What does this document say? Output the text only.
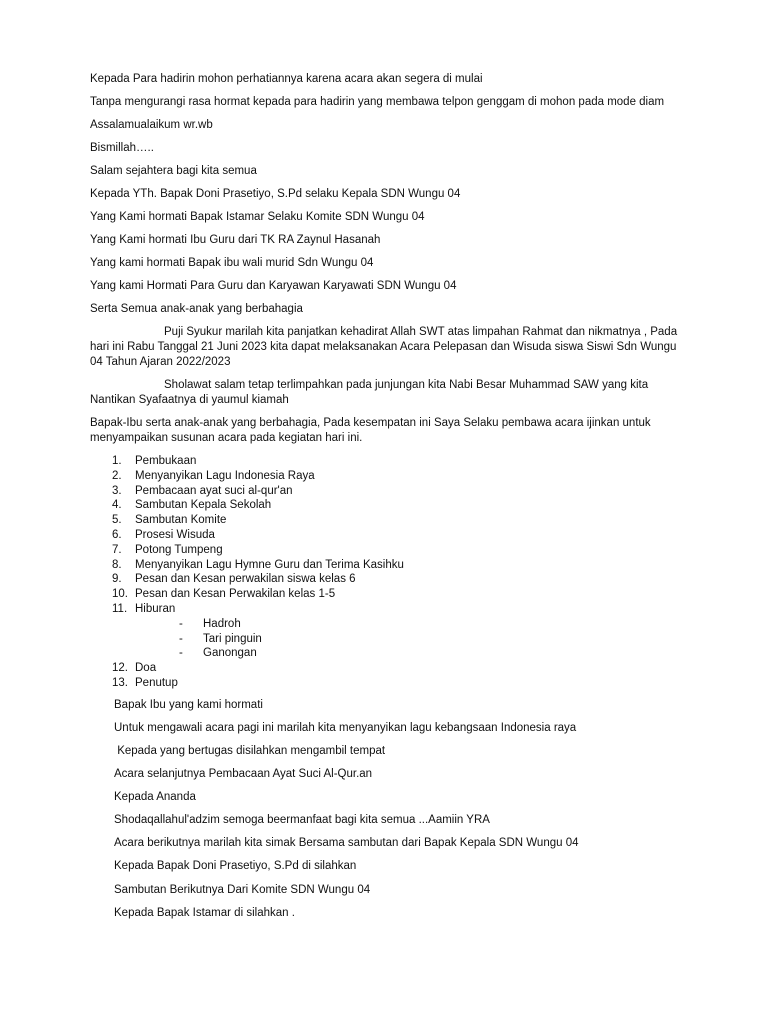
Kepada Para hadirin mohon perhatiannya karena acara akan segera di mulai

Tanpa mengurangi rasa hormat kepada para hadirin yang membawa telpon genggam di mohon pada mode diam

Assalamualaikum wr.wb

Bismillah…..

Salam sejahtera bagi kita semua

Kepada YTh. Bapak Doni Prasetiyo, S.Pd selaku Kepala SDN Wungu 04

Yang Kami hormati Bapak Istamar Selaku Komite SDN Wungu 04

Yang Kami hormati Ibu Guru dari TK RA Zaynul Hasanah

Yang kami hormati Bapak ibu wali murid Sdn Wungu 04

Yang kami Hormati Para Guru dan Karyawan Karyawati SDN Wungu 04

Serta Semua anak-anak yang berbahagia

Puji Syukur marilah kita panjatkan kehadirat Allah SWT atas limpahan Rahmat dan nikmatnya , Pada hari ini Rabu Tanggal 21 Juni 2023 kita dapat melaksanakan Acara Pelepasan dan Wisuda siswa Siswi Sdn Wungu 04 Tahun Ajaran 2022/2023

Sholawat salam tetap terlimpahkan pada junjungan kita Nabi Besar Muhammad SAW yang kita Nantikan Syafaatnya di yaumul kiamah

Bapak-Ibu serta anak-anak yang berbahagia, Pada kesempatan ini Saya Selaku pembawa acara ijinkan untuk menyampaikan susunan acara pada kegiatan hari ini.

1. Pembukaan
2. Menyanyikan Lagu Indonesia Raya
3. Pembacaan ayat suci al-qur'an
4. Sambutan Kepala Sekolah
5. Sambutan Komite
6. Prosesi Wisuda
7. Potong Tumpeng
8. Menyanyikan Lagu Hymne Guru dan Terima Kasihku
9. Pesan dan Kesan perwakilan siswa kelas 6
10. Pesan dan Kesan Perwakilan kelas 1-5
11. Hiburan
- Hadroh
- Tari pinguin
- Ganongan
12. Doa
13. Penutup

Bapak Ibu yang kami hormati

Untuk mengawali acara pagi ini marilah kita menyanyikan lagu kebangsaan Indonesia raya

Kepada yang bertugas disilahkan mengambil tempat

Acara selanjutnya Pembacaan Ayat Suci Al-Qur.an

Kepada Ananda

Shodaqallahul'adzim semoga beermanfaat bagi kita semua ...Aamiin YRA

Acara berikutnya marilah kita simak Bersama sambutan dari Bapak Kepala SDN Wungu 04

Kepada Bapak Doni Prasetiyo, S.Pd di silahkan

Sambutan Berikutnya Dari Komite SDN Wungu 04

Kepada Bapak Istamar di silahkan .
